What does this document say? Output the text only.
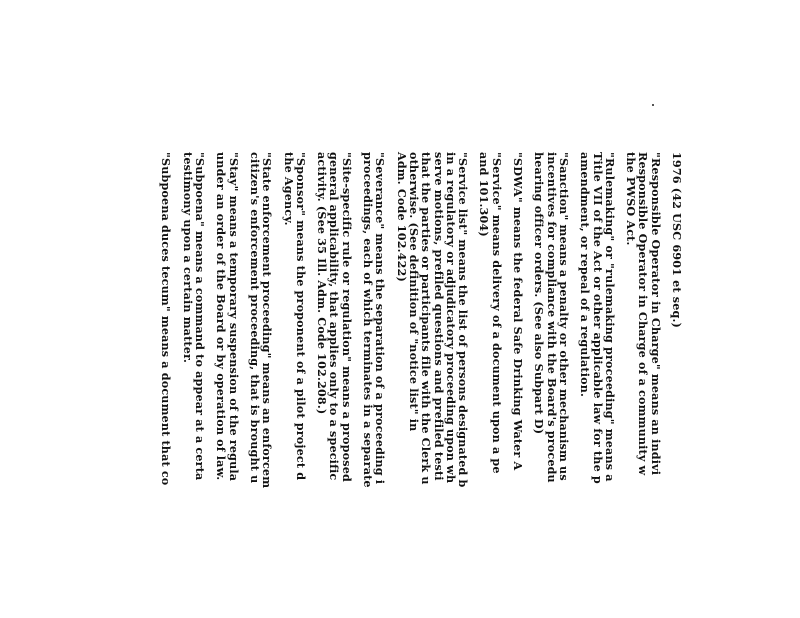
1976 (42 USC 6901 et seq.)
"Responsible Operator in Charge" means an indivi
Responsible Operator in Charge of a community w
the PWSO Act.
"Rulemaking" or "rulemaking proceeding" means a
Title VII of the Act or other applicable law for the p
amendment, or repeal of a regulation.
"Sanction" means a penalty or other mechanism us
incentives for compliance with the Board's procedu
hearing officer orders. (See also Subpart D)
"SDWA" means the federal Safe Drinking Water A
"Service" means delivery of a document upon a pe
and 101.304)
"Service list" means the list of persons designated b
in a regulatory or adjudicatory proceeding upon wh
serve motions, prefiled questions and prefiled testi
that the parties or participants file with the Clerk u
otherwise. (See definition of "notice list" in
Adm. Code 102.422)
"Severance" means the separation of a proceeding i
proceedings, each of which terminates in a separate
"Site-specific rule or regulation" means a proposed
general applicability, that applies only to a specific
activity. (See 35 Ill. Adm. Code 102.208.)
"Sponsor" means the proponent of a pilot project d
the Agency.
"State enforcement proceeding" means an enforcem
citizen's enforcement proceeding, that is brought u
"Stay" means a temporary suspension of the regula
under an order of the Board or by operation of law.
"Subpoena" means a command to appear at a certa
testimony upon a certain matter.
"Subpoena duces tecum" means a document that co
